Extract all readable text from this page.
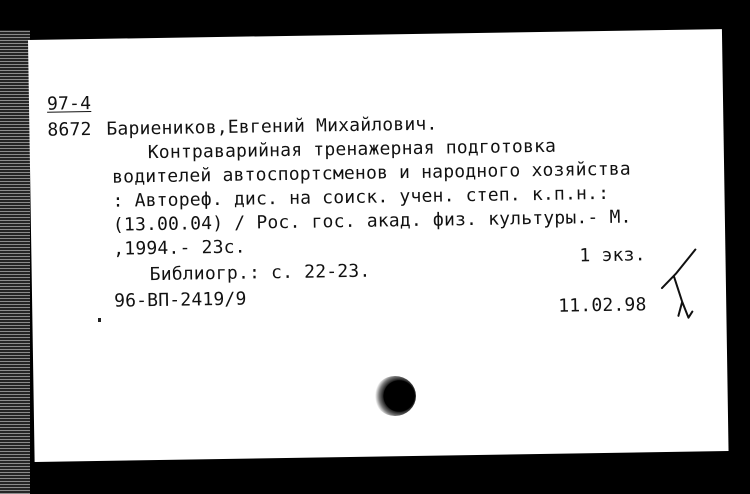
97-4
8672 Бариеников,Евгений Михайлович.
Контраварийная тренажерная подготовка
водителей автоспортсменов и народного хозяйства
: Автореф. дис. на соиск. учен. степ. к.п.н.:
(13.00.04) / Рос. гос. акад. физ. культуры.- М.
,1994.- 23с.	1 экз.
Библиогр.: с. 22-23.
96-ВП-2419/9	11.02.98
